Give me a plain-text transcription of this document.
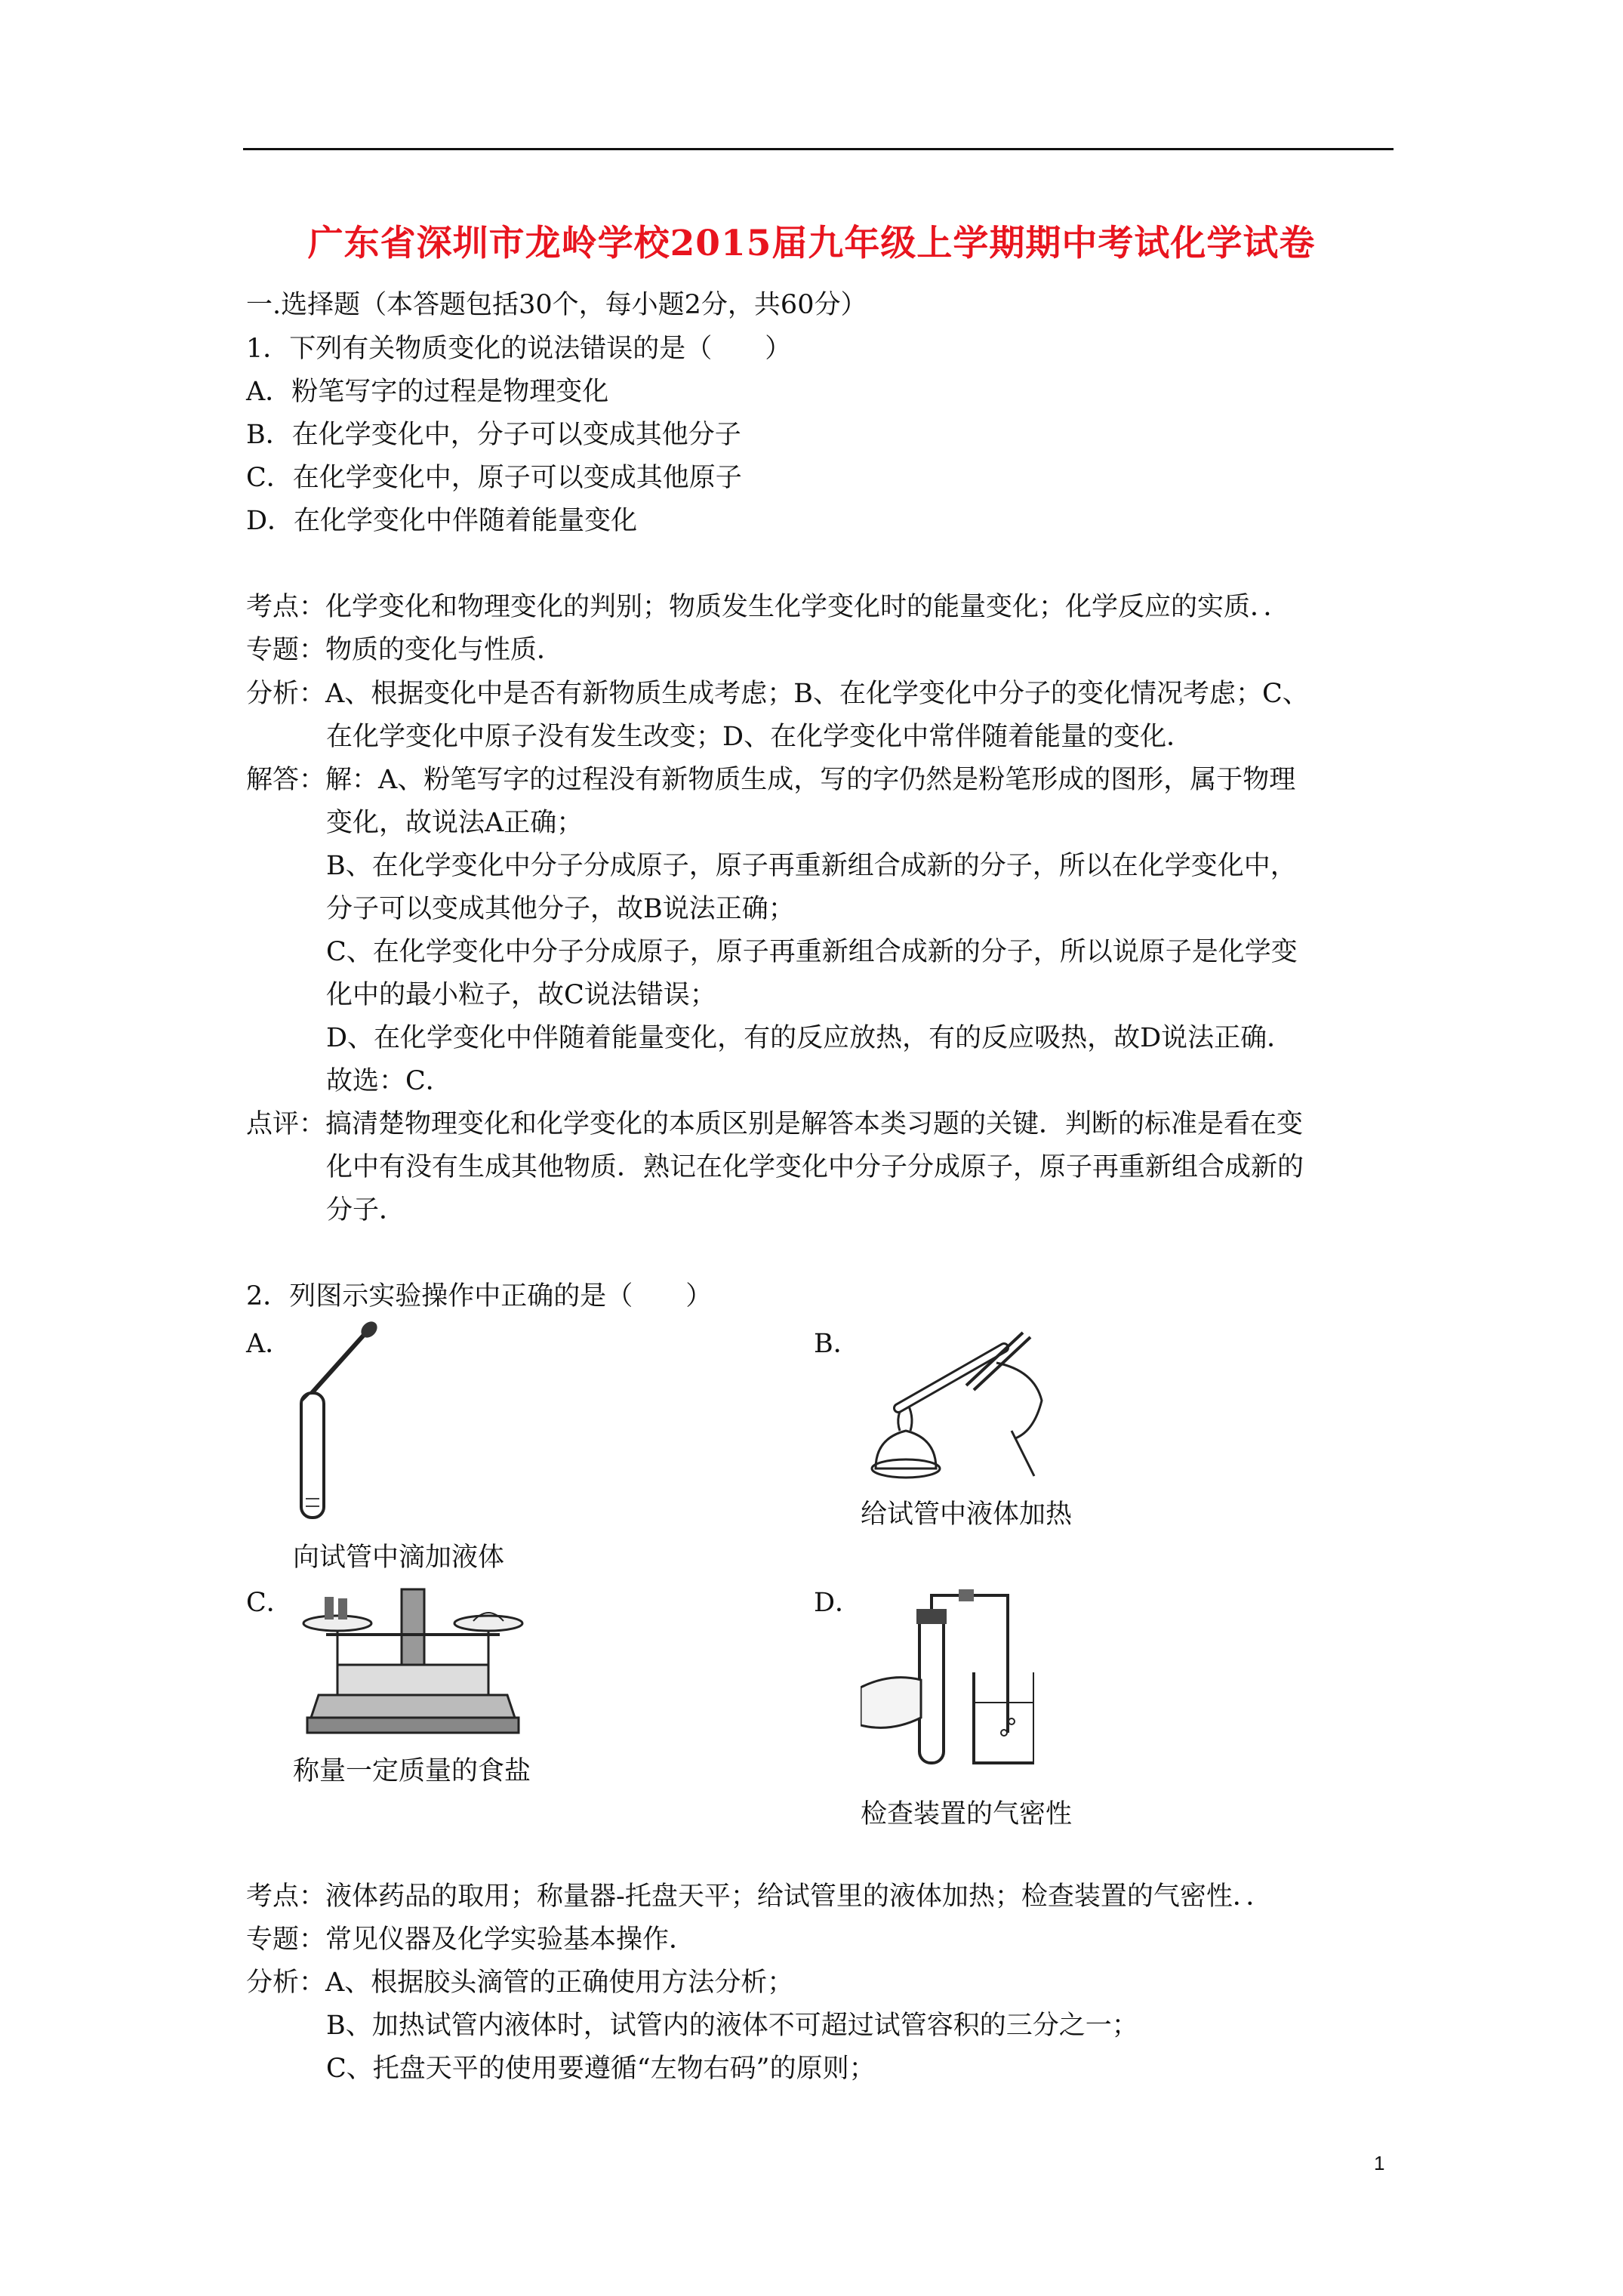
广东省深圳市龙岭学校2015届九年级上学期期中考试化学试卷
一.选择题（本答题包括30个，每小题2分，共60分）
1．下列有关物质变化的说法错误的是（　　）
A．粉笔写字的过程是物理变化
B．在化学变化中，分子可以变成其他分子
C．在化学变化中，原子可以变成其他原子
D．在化学变化中伴随着能量变化
考点：化学变化和物理变化的判别；物质发生化学变化时的能量变化；化学反应的实质．．
专题：物质的变化与性质．
分析：A、根据变化中是否有新物质生成考虑；B、在化学变化中分子的变化情况考虑；C、
在化学变化中原子没有发生改变；D、在化学变化中常伴随着能量的变化．
解答：解：A、粉笔写字的过程没有新物质生成，写的字仍然是粉笔形成的图形，属于物理
变化，故说法A正确；
B、在化学变化中分子分成原子，原子再重新组合成新的分子，所以在化学变化中，
分子可以变成其他分子，故B说法正确；
C、在化学变化中分子分成原子，原子再重新组合成新的分子，所以说原子是化学变
化中的最小粒子，故C说法错误；
D、在化学变化中伴随着能量变化，有的反应放热，有的反应吸热，故D说法正确．
故选：C．
点评：搞清楚物理变化和化学变化的本质区别是解答本类习题的关键．判断的标准是看在变
化中有没有生成其他物质．熟记在化学变化中分子分成原子，原子再重新组合成新的
分子．
2．列图示实验操作中正确的是（　　）
A．
向试管中滴加液体
B．
给试管中液体加热
C．
称量一定质量的食盐
D．
检查装置的气密性
考点：液体药品的取用；称量器-托盘天平；给试管里的液体加热；检查装置的气密性．．
专题：常见仪器及化学实验基本操作．
分析：A、根据胶头滴管的正确使用方法分析；
B、加热试管内液体时，试管内的液体不可超过试管容积的三分之一；
C、托盘天平的使用要遵循“左物右码”的原则；
1
